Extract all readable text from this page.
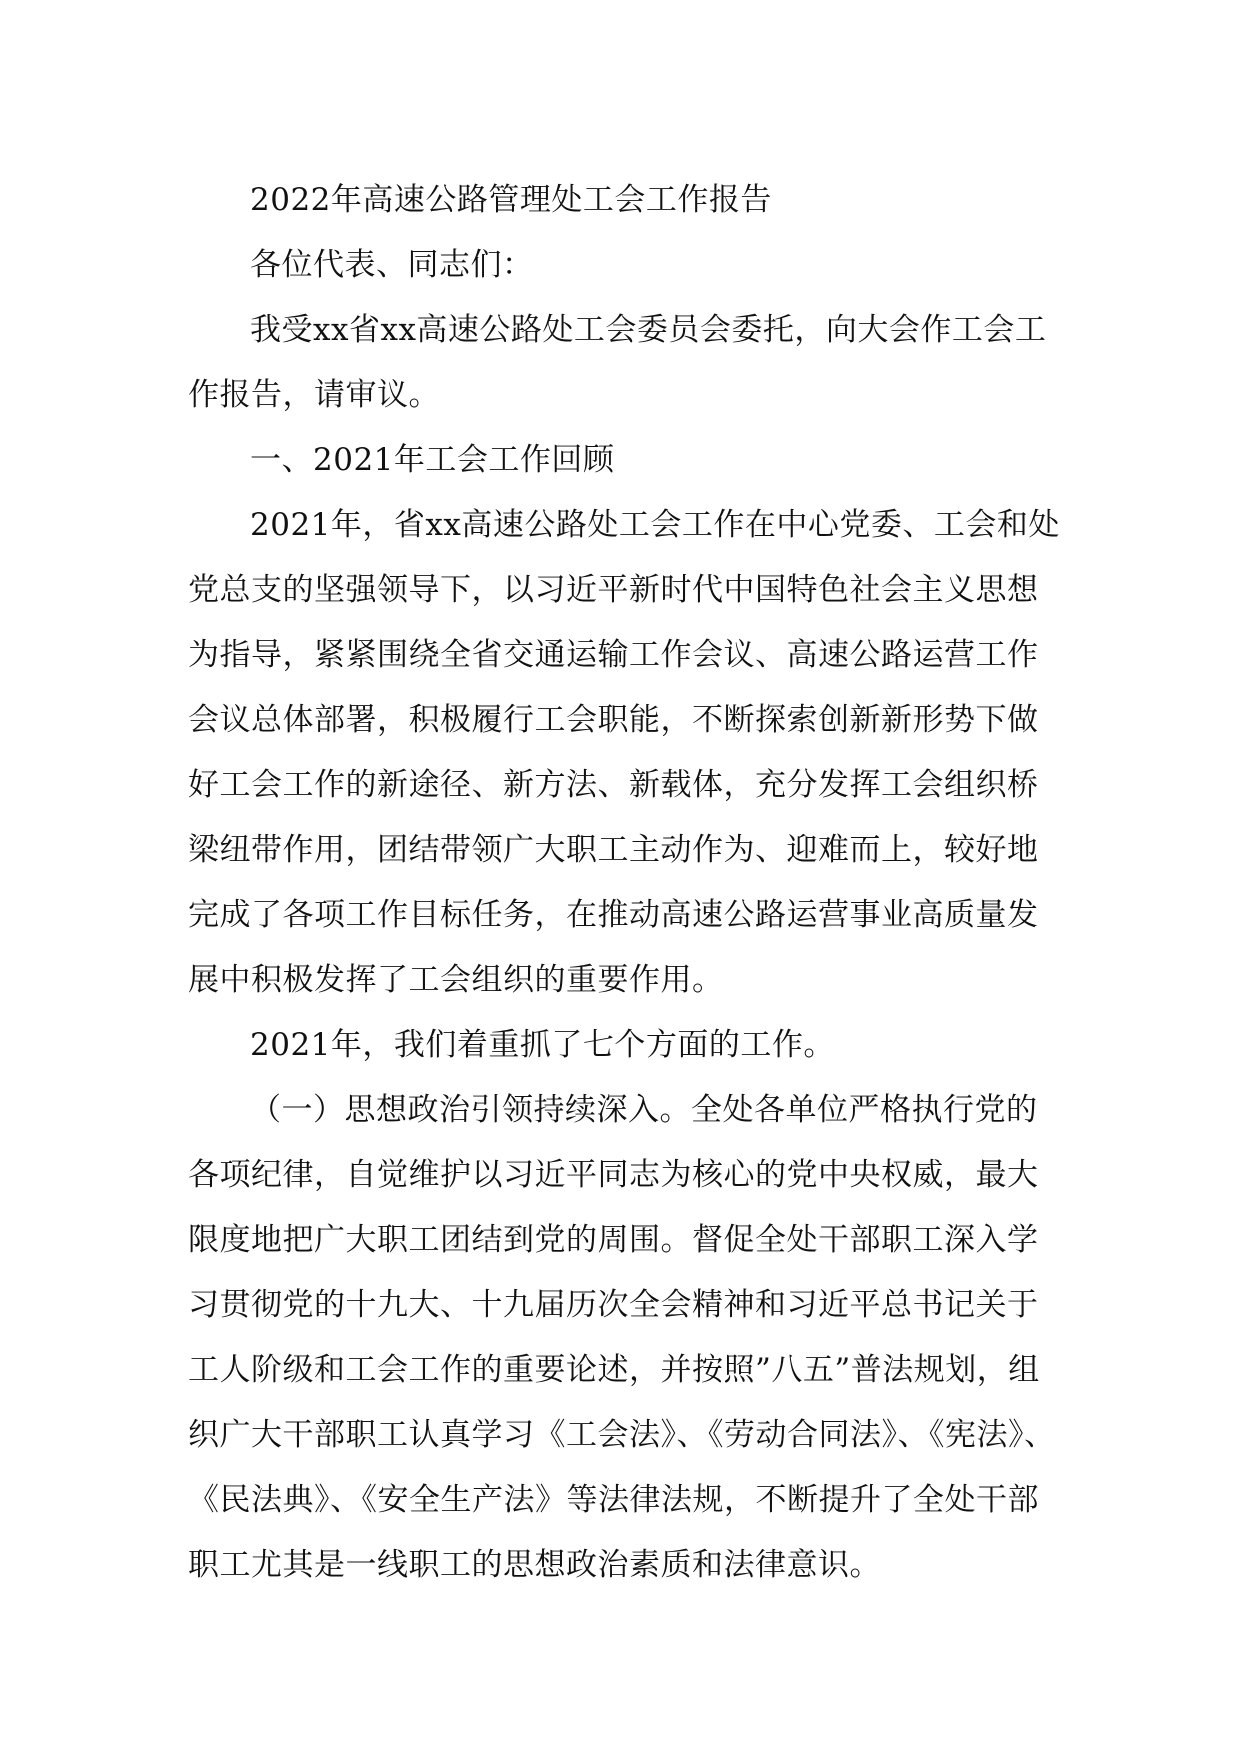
2022年高速公路管理处工会工作报告

各位代表、同志们：

我受xx省xx高速公路处工会委员会委托，向大会作工会工作报告，请审议。

一、2021年工会工作回顾

2021年，省xx高速公路处工会工作在中心党委、工会和处党总支的坚强领导下，以习近平新时代中国特色社会主义思想为指导，紧紧围绕全省交通运输工作会议、高速公路运营工作会议总体部署，积极履行工会职能，不断探索创新新形势下做好工会工作的新途径、新方法、新载体，充分发挥工会组织桥梁纽带作用，团结带领广大职工主动作为、迎难而上，较好地完成了各项工作目标任务，在推动高速公路运营事业高质量发展中积极发挥了工会组织的重要作用。

2021年，我们着重抓了七个方面的工作。

（一）思想政治引领持续深入。全处各单位严格执行党的各项纪律，自觉维护以习近平同志为核心的党中央权威，最大限度地把广大职工团结到党的周围。督促全处干部职工深入学习贯彻党的十九大、十九届历次全会精神和习近平总书记关于工人阶级和工会工作的重要论述，并按照”八五”普法规划，组织广大干部职工认真学习《工会法》、《劳动合同法》、《宪法》、《民法典》、《安全生产法》等法律法规，不断提升了全处干部职工尤其是一线职工的思想政治素质和法律意识。
